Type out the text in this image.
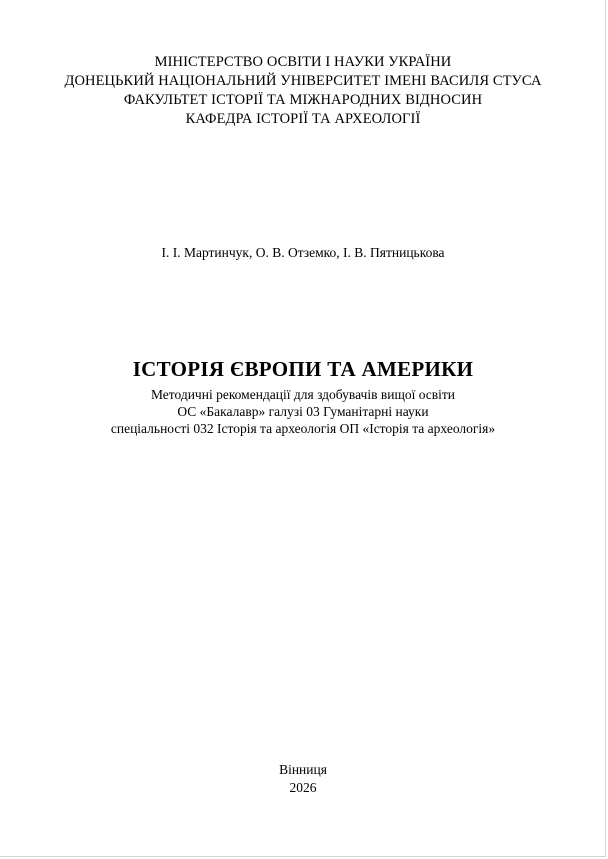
МІНІСТЕРСТВО ОСВІТИ І НАУКИ УКРАЇНИ
ДОНЕЦЬКИЙ НАЦІОНАЛЬНИЙ УНІВЕРСИТЕТ ІМЕНІ ВАСИЛЯ СТУСА
ФАКУЛЬТЕТ ІСТОРІЇ ТА МІЖНАРОДНИХ ВІДНОСИН
КАФЕДРА ІСТОРІЇ ТА АРХЕОЛОГІЇ
І. І. Мартинчук, О. В. Отземко, І. В. Пятницькова
ІСТОРІЯ ЄВРОПИ ТА АМЕРИКИ
Методичні рекомендації для здобувачів вищої освіти
ОС «Бакалавр» галузі 03 Гуманітарні науки
спеціальності 032 Історія та археологія ОП «Історія та археологія»
Вінниця
2026
